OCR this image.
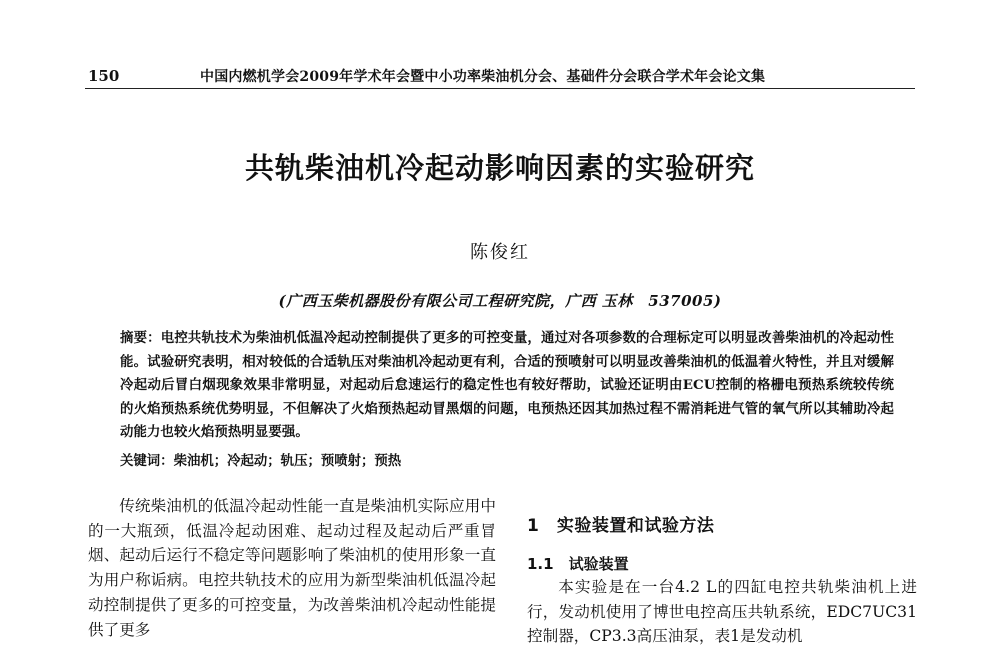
150	中国内燃机学会2009年学术年会暨中小功率柴油机分会、基础件分会联合学术年会论文集
共轨柴油机冷起动影响因素的实验研究
陈俊红
(广西玉柴机器股份有限公司工程研究院，广西 玉林　537005)
摘要：电控共轨技术为柴油机低温冷起动控制提供了更多的可控变量，通过对各项参数的合理标定可以明显改善柴油机的冷起动性能。试验研究表明，相对较低的合适轨压对柴油机冷起动更有利，合适的预喷射可以明显改善柴油机的低温着火特性，并且对缓解冷起动后冒白烟现象效果非常明显，对起动后怠速运行的稳定性也有较好帮助，试验还证明由ECU控制的格栅电预热系统较传统的火焰预热系统优势明显，不但解决了火焰预热起动冒黑烟的问题，电预热还因其加热过程不需消耗进气管的氧气所以其辅助冷起动能力也较火焰预热明显要强。
关键词：柴油机；冷起动；轨压；预喷射；预热

传统柴油机的低温冷起动性能一直是柴油机实际应用中的一大瓶颈，低温冷起动困难、起动过程及起动后严重冒烟、起动后运行不稳定等问题影响了柴油机的使用形象一直为用户称诟病。电控共轨技术的应用为新型柴油机低温冷起动控制提供了更多的可控变量，为改善柴油机冷起动性能提供了更多

1　实验装置和试验方法
1.1　试验装置

本实验是在一台4.2 L的四缸电控共轨柴油机上进行，发动机使用了博世电控高压共轨系统，EDC7UC31控制器，CP3.3高压油泵，表1是发动机
